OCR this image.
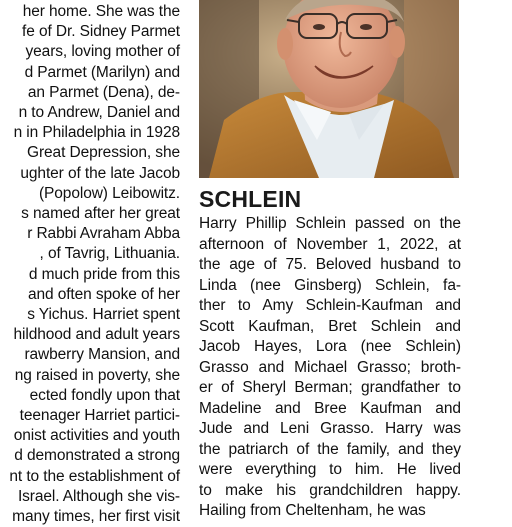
her home. She was the
fe of Dr. Sidney Parmet
years, loving mother of
d Parmet (Marilyn) and
an Parmet (Dena), de-
n to Andrew, Daniel and
n in Philadelphia in 1928
Great Depression, she
ughter of the late Jacob
(Popolow) Leibowitz.
s named after her great
r Rabbi Avraham Abba
, of Tavrig, Lithuania.
d much pride from this
and often spoke of her
s Yichus. Harriet spent
hildhood and adult years
rawberry Mansion, and
ng raised in poverty, she
ected fondly upon that
teenager Harriet partici-
onist activities and youth
d demonstrated a strong
nt to the establishment of
Israel. Although she vis-
many times, her first visit
SCHLEIN
Harry Phillip Schlein passed on the
afternoon of November 1, 2022, at
the age of 75. Beloved husband to
Linda (nee Ginsberg) Schlein, fa-
ther to Amy Schlein-Kaufman and
Scott Kaufman, Bret Schlein and
Jacob Hayes, Lora (nee Schlein)
Grasso and Michael Grasso; broth-
er of Sheryl Berman; grandfather to
Madeline and Bree Kaufman and
Jude and Leni Grasso. Harry was
the patriarch of the family, and they
were everything to him. He lived
to make his grandchildren happy.
Hailing from Cheltenham, he was
